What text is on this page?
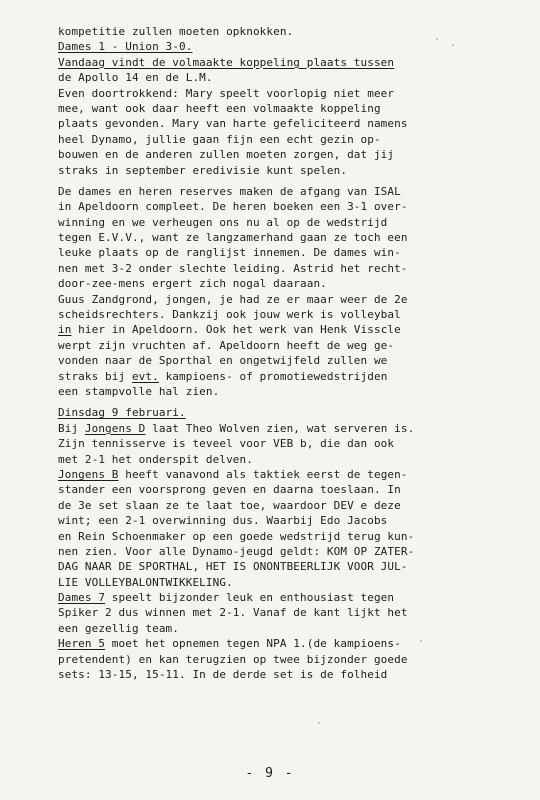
kompetitie zullen moeten opknokken.
Dames 1 - Union 3-0.
Vandaag vindt de volmaakte koppeling plaats tussen
de Apollo 14 en de L.M.
Even doortrokkend: Mary speelt voorlopig niet meer
mee, want ook daar heeft een volmaakte koppeling
plaats gevonden. Mary van harte gefeliciteerd namens
heel Dynamo, jullie gaan fijn een echt gezin op-
bouwen en de anderen zullen moeten zorgen, dat jij
straks in september eredivisie kunt spelen.
De dames en heren reserves maken de afgang van ISAL
in Apeldoorn compleet. De heren boeken een 3-1 over-
winning en we verheugen ons nu al op de wedstrijd
tegen E.V.V., want ze langzamerhand gaan ze toch een
leuke plaats op de ranglijst innemen. De dames win-
nen met 3-2 onder slechte leiding. Astrid het recht-
door-zee-mens ergert zich nogal daaraan.
Guus Zandgrond, jongen, je had ze er maar weer de 2e
scheidsrechters. Dankzij ook jouw werk is volleybal
in hier in Apeldoorn. Ook het werk van Henk Visscle
werpt zijn vruchten af. Apeldoorn heeft de weg ge-
vonden naar de Sporthal en ongetwijfeld zullen we
straks bij evt. kampioens- of promotiewedstrijden
een stampvolle hal zien.
Dinsdag 9 februari.
Bij Jongens D laat Theo Wolven zien, wat serveren is.
Zijn tennisserve is teveel voor VEB b, die dan ook
met 2-1 het onderspit delven.
Jongens B heeft vanavond als taktiek eerst de tegen-
stander een voorsprong geven en daarna toeslaan. In
de 3e set slaan ze te laat toe, waardoor DEV e deze
wint; een 2-1 overwinning dus. Waarbij Edo Jacobs
en Rein Schoenmaker op een goede wedstrijd terug kun-
nen zien. Voor alle Dynamo-jeugd geldt: KOM OP ZATER-
DAG NAAR DE SPORTHAL, HET IS ONONTBEERLIJK VOOR JUL-
LIE VOLLEYBALONTWIKKELING.
Dames 7 speelt bijzonder leuk en enthousiast tegen
Spiker 2 dus winnen met 2-1. Vanaf de kant lijkt het
een gezellig team.
Heren 5 moet het opnemen tegen NPA 1.(de kampioens-
pretendent) en kan terugzien op twee bijzonder goede
sets: 13-15, 15-11. In de derde set is de folheid
- 9 -
